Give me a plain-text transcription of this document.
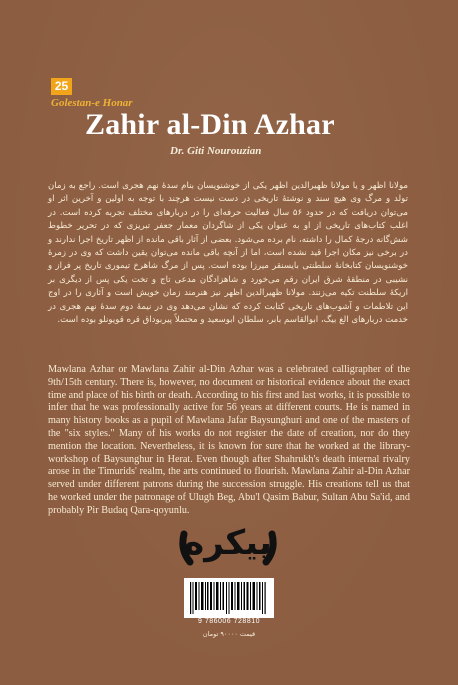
25
Golestan-e Honar
Zahir al-Din Azhar
Dr. Giti Nourouzian
مولانا اظهر و یا مولانا ظهیرالدین اظهر یکی از خوشنویسان بنام سدهٔ نهم هجری است. راجع به زمان تولد و مرگ وی هیچ سند و نوشتهٔ تاریخی در دست نیست هرچند با توجه به اولین و آخرین اثر او می‌توان دریافت که در حدود ۵۶ سال فعالیت حرفه‌ای را در دربارهای مختلف تجربه کرده است. در اغلب کتاب‌های تاریخی از او به عنوان یکی از شاگردان معمار جعفر تبریزی که در تحریر خطوط شش‌گانه درجهٔ کمال را داشته، نام برده می‌شود. بعضی از آثار باقی مانده از اظهر تاریخ اجرا ندارند و در برخی نیز مکان اجرا قید نشده است، اما از آنچه باقی مانده می‌توان یقین داشت که وی در زمرهٔ خوشنویسان کتابخانهٔ سلطنتی بایسنقر میرزا بوده است. پس از مرگ شاهرخ تیموری تاریخ پر فراز و نشیبی در منطقهٔ شرق ایران رقم می‌خورد و شاهزادگان مدعی تاج و تخت یکی پس از دیگری بر اریکهٔ سلطنت تکیه می‌زنند. مولانا ظهیرالدین اظهر نیز هنرمند زمان خویش است و آثاری را در اوج این تلاطمات و آشوب‌های تاریخی کتابت کرده که نشان می‌دهد وی در نیمهٔ دوم سدهٔ نهم هجری در خدمت دربارهای الغ بیگ، ابوالقاسم بابر، سلطان ابوسعید و محتملاً پیربوداق قره قویونلو بوده است.
Mawlana Azhar or Mawlana Zahir al-Din Azhar was a celebrated calligrapher of the 9th/15th century. There is, however, no document or historical evidence about the exact time and place of his birth or death. According to his first and last works, it is possible to infer that he was professionally active for 56 years at different courts. He is named in many history books as a pupil of Mawlana Jafar Baysunghuri and one of the masters of the "six styles." Many of his works do not register the date of creation, nor do they mention the location. Nevertheless, it is known for sure that he worked at the library-workshop of Baysunghur in Herat. Even though after Shahrukh's death internal rivalry arose in the Timurids' realm, the arts continued to flourish. Mawlana Zahir al-Din Azhar served under different patrons during the succession struggle. His creations tell us that he worked under the patronage of Ulugh Beg, Abu'l Qasim Babur, Sultan Abu Sa'id, and probably Pir Budaq Qara-qoyunlu.
پیکره
9 786006 728810
قیمت ۹۰۰۰۰ تومان
